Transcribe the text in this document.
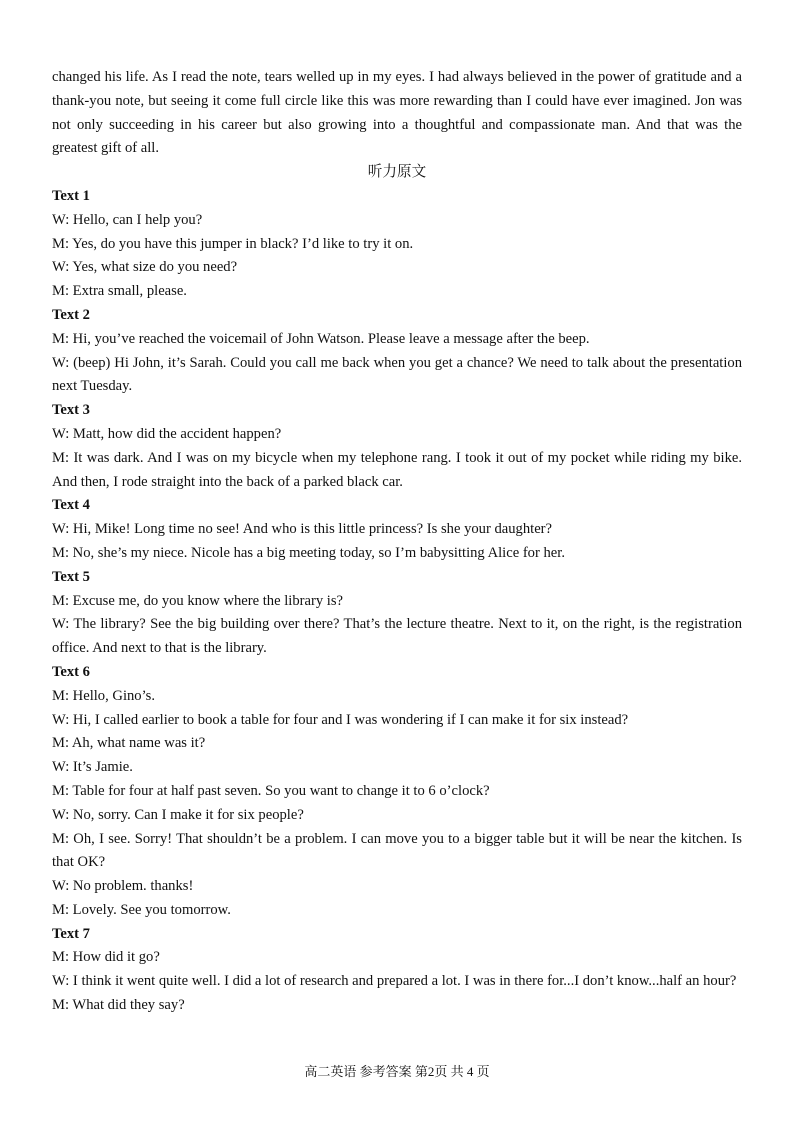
changed his life. As I read the note, tears welled up in my eyes. I had always believed in the power of gratitude and a thank-you note, but seeing it come full circle like this was more rewarding than I could have ever imagined. Jon was not only succeeding in his career but also growing into a thoughtful and compassionate man. And that was the greatest gift of all.

听力原文

Text 1

W: Hello, can I help you?

M: Yes, do you have this jumper in black? I’d like to try it on.

W: Yes, what size do you need?

M: Extra small, please.

Text 2

M: Hi, you’ve reached the voicemail of John Watson. Please leave a message after the beep.

W: (beep) Hi John, it’s Sarah. Could you call me back when you get a chance? We need to talk about the presentation next Tuesday.

Text 3

W: Matt, how did the accident happen?

M: It was dark. And I was on my bicycle when my telephone rang. I took it out of my pocket while riding my bike. And then, I rode straight into the back of a parked black car.

Text 4

W: Hi, Mike! Long time no see! And who is this little princess? Is she your daughter?

M: No, she’s my niece. Nicole has a big meeting today, so I’m babysitting Alice for her.

Text 5

M: Excuse me, do you know where the library is?

W: The library? See the big building over there? That’s the lecture theatre. Next to it, on the right, is the registration office. And next to that is the library.

Text 6

M: Hello, Gino’s.

W: Hi, I called earlier to book a table for four and I was wondering if I can make it for six instead?

M: Ah, what name was it?

W: It’s Jamie.

M: Table for four at half past seven. So you want to change it to 6 o’clock?

W: No, sorry. Can I make it for six people?

M: Oh, I see. Sorry! That shouldn’t be a problem. I can move you to a bigger table but it will be near the kitchen. Is that OK?

W: No problem. thanks!

M: Lovely. See you tomorrow.

Text 7

M: How did it go?

W: I think it went quite well. I did a lot of research and prepared a lot. I was in there for...I don’t know...half an hour?

M: What did they say?

高二英语 参考答案 第2页 共 4 页
